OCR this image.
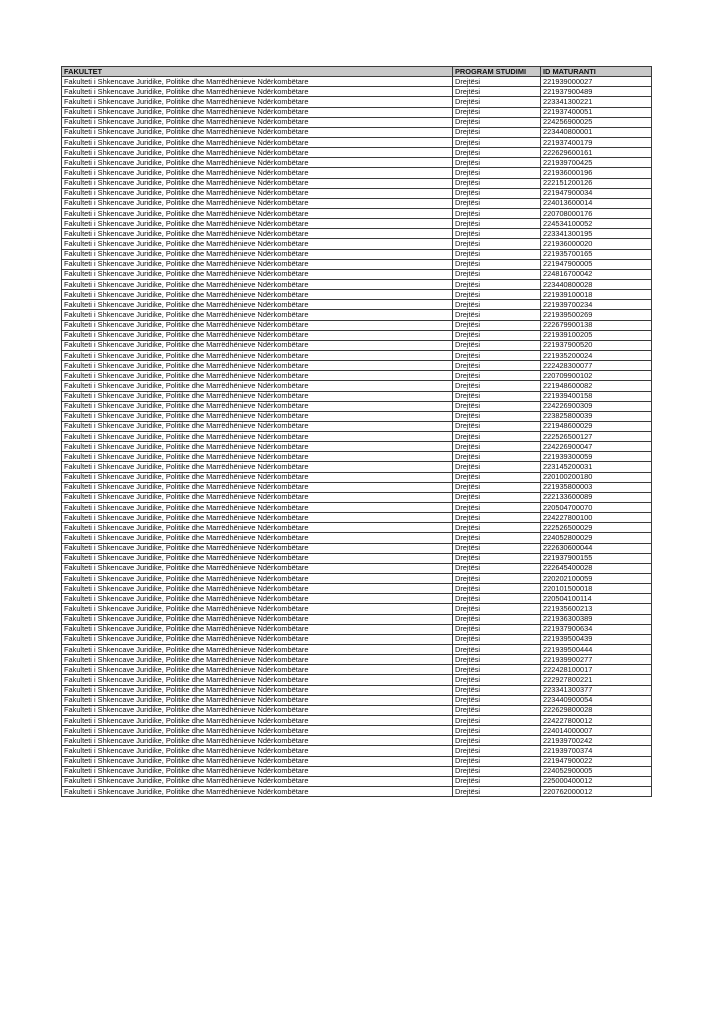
FAKULTET	PROGRAM STUDIMI	ID MATURANTI
Fakulteti i Shkencave Juridike, Politike dhe Marrëdhënieve Ndërkombëtare	Drejtësi	221939000027
Fakulteti i Shkencave Juridike, Politike dhe Marrëdhënieve Ndërkombëtare	Drejtësi	221937900489
Fakulteti i Shkencave Juridike, Politike dhe Marrëdhënieve Ndërkombëtare	Drejtësi	223341300221
Fakulteti i Shkencave Juridike, Politike dhe Marrëdhënieve Ndërkombëtare	Drejtësi	221937400051
Fakulteti i Shkencave Juridike, Politike dhe Marrëdhënieve Ndërkombëtare	Drejtësi	224256900025
Fakulteti i Shkencave Juridike, Politike dhe Marrëdhënieve Ndërkombëtare	Drejtësi	223440800001
Fakulteti i Shkencave Juridike, Politike dhe Marrëdhënieve Ndërkombëtare	Drejtësi	221937400179
Fakulteti i Shkencave Juridike, Politike dhe Marrëdhënieve Ndërkombëtare	Drejtësi	222629600161
Fakulteti i Shkencave Juridike, Politike dhe Marrëdhënieve Ndërkombëtare	Drejtësi	221939700425
Fakulteti i Shkencave Juridike, Politike dhe Marrëdhënieve Ndërkombëtare	Drejtësi	221936000196
Fakulteti i Shkencave Juridike, Politike dhe Marrëdhënieve Ndërkombëtare	Drejtësi	222151200126
Fakulteti i Shkencave Juridike, Politike dhe Marrëdhënieve Ndërkombëtare	Drejtësi	221947900034
Fakulteti i Shkencave Juridike, Politike dhe Marrëdhënieve Ndërkombëtare	Drejtësi	224013600014
Fakulteti i Shkencave Juridike, Politike dhe Marrëdhënieve Ndërkombëtare	Drejtësi	220708000176
Fakulteti i Shkencave Juridike, Politike dhe Marrëdhënieve Ndërkombëtare	Drejtësi	224534100052
Fakulteti i Shkencave Juridike, Politike dhe Marrëdhënieve Ndërkombëtare	Drejtësi	223341300195
Fakulteti i Shkencave Juridike, Politike dhe Marrëdhënieve Ndërkombëtare	Drejtësi	221936000020
Fakulteti i Shkencave Juridike, Politike dhe Marrëdhënieve Ndërkombëtare	Drejtësi	221935700165
Fakulteti i Shkencave Juridike, Politike dhe Marrëdhënieve Ndërkombëtare	Drejtësi	221947900005
Fakulteti i Shkencave Juridike, Politike dhe Marrëdhënieve Ndërkombëtare	Drejtësi	224816700042
Fakulteti i Shkencave Juridike, Politike dhe Marrëdhënieve Ndërkombëtare	Drejtësi	223440800028
Fakulteti i Shkencave Juridike, Politike dhe Marrëdhënieve Ndërkombëtare	Drejtësi	221939100018
Fakulteti i Shkencave Juridike, Politike dhe Marrëdhënieve Ndërkombëtare	Drejtësi	221939700234
Fakulteti i Shkencave Juridike, Politike dhe Marrëdhënieve Ndërkombëtare	Drejtësi	221939500269
Fakulteti i Shkencave Juridike, Politike dhe Marrëdhënieve Ndërkombëtare	Drejtësi	222679900138
Fakulteti i Shkencave Juridike, Politike dhe Marrëdhënieve Ndërkombëtare	Drejtësi	221939100205
Fakulteti i Shkencave Juridike, Politike dhe Marrëdhënieve Ndërkombëtare	Drejtësi	221937900520
Fakulteti i Shkencave Juridike, Politike dhe Marrëdhënieve Ndërkombëtare	Drejtësi	221935200024
Fakulteti i Shkencave Juridike, Politike dhe Marrëdhënieve Ndërkombëtare	Drejtësi	222428300077
Fakulteti i Shkencave Juridike, Politike dhe Marrëdhënieve Ndërkombëtare	Drejtësi	220709900102
Fakulteti i Shkencave Juridike, Politike dhe Marrëdhënieve Ndërkombëtare	Drejtësi	221948600082
Fakulteti i Shkencave Juridike, Politike dhe Marrëdhënieve Ndërkombëtare	Drejtësi	221939400158
Fakulteti i Shkencave Juridike, Politike dhe Marrëdhënieve Ndërkombëtare	Drejtësi	224226900309
Fakulteti i Shkencave Juridike, Politike dhe Marrëdhënieve Ndërkombëtare	Drejtësi	223825800039
Fakulteti i Shkencave Juridike, Politike dhe Marrëdhënieve Ndërkombëtare	Drejtësi	221948600029
Fakulteti i Shkencave Juridike, Politike dhe Marrëdhënieve Ndërkombëtare	Drejtësi	222526500127
Fakulteti i Shkencave Juridike, Politike dhe Marrëdhënieve Ndërkombëtare	Drejtësi	224226900047
Fakulteti i Shkencave Juridike, Politike dhe Marrëdhënieve Ndërkombëtare	Drejtësi	221939300059
Fakulteti i Shkencave Juridike, Politike dhe Marrëdhënieve Ndërkombëtare	Drejtësi	223145200031
Fakulteti i Shkencave Juridike, Politike dhe Marrëdhënieve Ndërkombëtare	Drejtësi	220100200180
Fakulteti i Shkencave Juridike, Politike dhe Marrëdhënieve Ndërkombëtare	Drejtësi	221935800003
Fakulteti i Shkencave Juridike, Politike dhe Marrëdhënieve Ndërkombëtare	Drejtësi	222133600089
Fakulteti i Shkencave Juridike, Politike dhe Marrëdhënieve Ndërkombëtare	Drejtësi	220504700070
Fakulteti i Shkencave Juridike, Politike dhe Marrëdhënieve Ndërkombëtare	Drejtësi	224227800100
Fakulteti i Shkencave Juridike, Politike dhe Marrëdhënieve Ndërkombëtare	Drejtësi	222526500029
Fakulteti i Shkencave Juridike, Politike dhe Marrëdhënieve Ndërkombëtare	Drejtësi	224052800029
Fakulteti i Shkencave Juridike, Politike dhe Marrëdhënieve Ndërkombëtare	Drejtësi	222630600044
Fakulteti i Shkencave Juridike, Politike dhe Marrëdhënieve Ndërkombëtare	Drejtësi	221937900155
Fakulteti i Shkencave Juridike, Politike dhe Marrëdhënieve Ndërkombëtare	Drejtësi	222645400028
Fakulteti i Shkencave Juridike, Politike dhe Marrëdhënieve Ndërkombëtare	Drejtësi	220202100059
Fakulteti i Shkencave Juridike, Politike dhe Marrëdhënieve Ndërkombëtare	Drejtësi	220101500018
Fakulteti i Shkencave Juridike, Politike dhe Marrëdhënieve Ndërkombëtare	Drejtësi	220504100114
Fakulteti i Shkencave Juridike, Politike dhe Marrëdhënieve Ndërkombëtare	Drejtësi	221935600213
Fakulteti i Shkencave Juridike, Politike dhe Marrëdhënieve Ndërkombëtare	Drejtësi	221936300389
Fakulteti i Shkencave Juridike, Politike dhe Marrëdhënieve Ndërkombëtare	Drejtësi	221937900634
Fakulteti i Shkencave Juridike, Politike dhe Marrëdhënieve Ndërkombëtare	Drejtësi	221939500439
Fakulteti i Shkencave Juridike, Politike dhe Marrëdhënieve Ndërkombëtare	Drejtësi	221939500444
Fakulteti i Shkencave Juridike, Politike dhe Marrëdhënieve Ndërkombëtare	Drejtësi	221939900277
Fakulteti i Shkencave Juridike, Politike dhe Marrëdhënieve Ndërkombëtare	Drejtësi	222428100017
Fakulteti i Shkencave Juridike, Politike dhe Marrëdhënieve Ndërkombëtare	Drejtësi	222927800221
Fakulteti i Shkencave Juridike, Politike dhe Marrëdhënieve Ndërkombëtare	Drejtësi	223341300377
Fakulteti i Shkencave Juridike, Politike dhe Marrëdhënieve Ndërkombëtare	Drejtësi	223440900054
Fakulteti i Shkencave Juridike, Politike dhe Marrëdhënieve Ndërkombëtare	Drejtësi	222629800028
Fakulteti i Shkencave Juridike, Politike dhe Marrëdhënieve Ndërkombëtare	Drejtësi	224227800012
Fakulteti i Shkencave Juridike, Politike dhe Marrëdhënieve Ndërkombëtare	Drejtësi	224014000007
Fakulteti i Shkencave Juridike, Politike dhe Marrëdhënieve Ndërkombëtare	Drejtësi	221939700242
Fakulteti i Shkencave Juridike, Politike dhe Marrëdhënieve Ndërkombëtare	Drejtësi	221939700374
Fakulteti i Shkencave Juridike, Politike dhe Marrëdhënieve Ndërkombëtare	Drejtësi	221947900022
Fakulteti i Shkencave Juridike, Politike dhe Marrëdhënieve Ndërkombëtare	Drejtësi	224052900005
Fakulteti i Shkencave Juridike, Politike dhe Marrëdhënieve Ndërkombëtare	Drejtësi	225000400012
Fakulteti i Shkencave Juridike, Politike dhe Marrëdhënieve Ndërkombëtare	Drejtësi	220762000012
